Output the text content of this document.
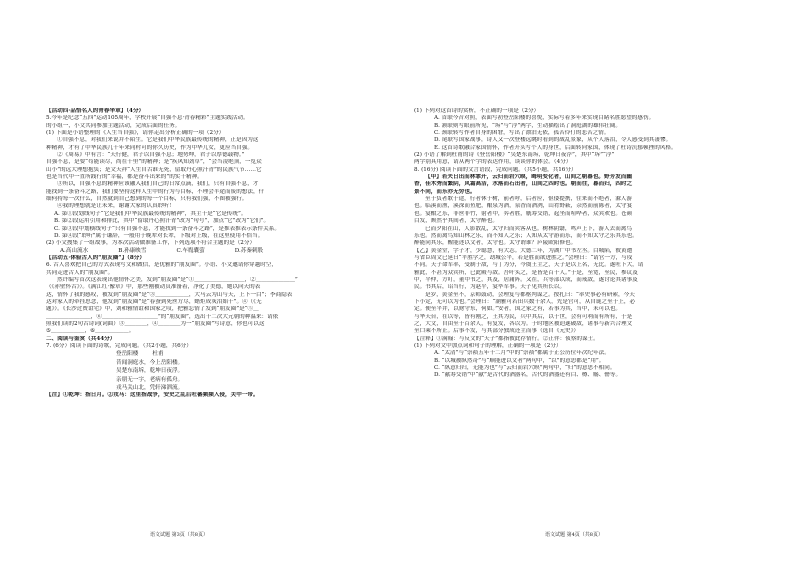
【活动四·品悟名人的青春华章】（4分）
5.今年是纪念“五四”运动105周年，学校开展“自强不息·青春精彩”主题实践活动。
的小组一，小文共同参加主题活动，完成后面的任务。
(1) 下面是小语整理的《人生当自强》，请你走出分析正确的一项（2分）
①自强不息，对我们来说并不陌生。它是我们中华民族最传统的精神，正是因为这
种精神，才有了中华民族几千年来同村可的你久历史，作为中华儿女，更应当自强。
②《周易》中有言：“天行健，君子以自强不息；地势坤，君子以厚德载物。”
自强不息，是要“苟能读尽，尚在千里”的精神；是“疾风知劲草”，“会当凌绝顶，一览众
山小”的远大理想抱负；是文天祥“人生自古谁无死，留取丹心照汗青”的民族气节……它
也是当代中一直所践行的“幸福，都是奋斗出来的”的实干精神。
③所以，自强不息的精神应该融入我们自己的日常点滴，我们，只有自强不息，才
能找到一条奋斗之路，我们要坚持这样人生中的行为与目标，不理会半途而废的想法，什
细何持每一次什么，自然就到自己想到的每一个目标，只有我们强，不图被强行。
④我的理想就是让未来，谢谢大家的认真聆听！
A. 第①段划线句子“它是我们中华民族最传统的精神”，其主干是“它是传统”。
B. 第②段运用引用和排比，其中“留取丹心照汗青”改为“句号”，加点“它”改为“它们”。
C. 第③段中划横线句子“只有自强不息，才能找到一条奋斗之路”，是推表推表示条件关系。
D. 第④段“聆听”属于谦辞，一般用于晚辈对长辈，下级对上级，在这里使用不恰当。
(2) 小文搜集了一组故事，为本次活动做准备工作，下列选项不符合主题的是（2分）
A.高山流水	B.孙康映雪	C.车胤囊萤	D.苏秦刺股
【活动五·体验古人的“朋友圈”】（8分）
6. 古人喜欢把自己的方式表现写文和做信，是优雅的“朋友圈”。小语、小文邀请你穿越时空，
共同走进古人的“朋友圈”。
然许编写首次这表现出他情怀之美，发到“朋友圈”是“①＿＿＿＿＿＿＿＿＿，②＿＿＿＿＿＿＿”
（《赤壁怀古》）。《满江红·豫章》中，那些刚被动员准备着，净化了美德，她以向天的表
达，情怀了我的感叹，被发到“朋友圈”是“③＿＿＿＿＿＿，大马云为山与天，上下一白”；李商隐表
达对家人的牵挂思念，他发到“朋友圈”是“春蚕到死丝方尽，蜡炬成灰泪始干”。④（《无
题》）。《长沙过贾谊宅》中，刘和雅情谊和国家之叹，把雅忘情了发到“朋友圈”是“⑤＿
＿＿＿＿＿＿＿＿，⑥＿＿＿＿＿＿＿＿＿＿”的“朋友圈”，选出十二次大元朝的种温来：请依
照我们读的2句古诗词(词曲）③＿＿＿＿，④＿＿＿＿为一“朋友圈”写诗意，你也可以这
⑤＿＿＿＿＿＿，⑥＿＿＿＿＿＿。
二、阅读与鉴赏（共44分）
7. (6分）阅读下面的诗歌，完成问题。（共2小题，共6分）
登岳阳楼	杜甫
昔闻洞庭水，今上岳阳楼。
吴楚东南坼，乾坤日夜浮。
亲朋无一字，老病有孤舟。
戎马关山北，凭轩涕泗流。
【注】①乾坤：指日月。②戎马：这里指战争，安史之乱后吐蕃频频入侵，关中一带。
(1) 下列对这首诗的赏析，不正确的一项是（2分）
A. 首联今昔对照，表面写初登岳阳楼的喜悦，实际写着多年来实现目睹名胜愿望的感伤。
B. 颔联则写眼前所见，“坼”与“浮”两字，生动描绘出了洞庭湖的雄伟壮阔。
C. 颈联转写作者自身的困窘，写出了漂泊无依，孤苦伶仃的悲苦之情。
D. 尾联写国家战事，诗人又一次登楼远眺时看到的战乱景象，从个人落泪，令人感受到其凄惨。
E. 这首诗歌融合家国情怀，作者开头写个人的身世，后面转向家国，体现了杜诗沉郁顿挫的风格。
(2) 小语了解到杜甫的诗《登岳阳楼》“吴楚东南坼，乾坤日夜浮”，其中“坼”“浮”
两字别具用意，请从两个字的表达作用，谈谈你的体会。（4分）
8. (16分) 阅读下面的文言语段，完成问题。（共5小题，共16分）
【甲】若夫日出而林霏开，云归而岩穴暝，晦明变化者，山间之朝暮也。野芳发而幽
香，佳木秀而繁阴，风霜高洁，水落而石出者，山间之四时也。朝而往，暮而归，四时之
景不同，而乐亦无穷也。
至于负者歌于途，行者休于树，前者呼，后者应，伛偻提携，往来而不绝者，滁人游
也。临溪而渔，溪深而鱼肥，酿泉为酒，泉香而酒洌，山肴野蔌，杂然而前陈者，太守宴
也。宴酣之乐，非丝非竹，射者中，弈者胜，觥筹交错，起坐而喧哗者，众宾欢也。苍颜
白发，颓然乎其间者，太守醉也。
已而夕阳在山，人影散乱，太守归而宾客从也。树林阴翳，鸣声上下，游人去而禽鸟
乐也。然而禽鸟知山林之乐，而不知人之乐；人知从太守游而乐，而不知太守之乐其乐也。
醉能同其乐，醒能述以文者，太守也。太守谓谁？庐陵欧阳修也。
【乙】黄金堂，字子才，少聪慧，有大志。大德二年，为湖广中书左丞。白城陷，彼黄遭
与省臣周文已延曰“平胜学之，劫城公平，若是胜而欲进胜之。”会理曰：“请官一方，与戍
不同。天子命军率，受制于敌，与丁为分，今虞王主之，天子是以上名，无比。遂吐下大，请
雅此，不甚为众宾所，已此殿与敌。吾叶头之，是皆是百十人。”于是，至宽，至民，参议及
中，平仲，方叮，董中书之，其及，居庸阵。又在，兵等部以成，而戒敌，遂讨论其诸事及
民。书其后，诏当行，为赵平，宴毕军事。天子见其所长以。
是岁，黄金至不，京师鼓动，会理复与都枢判谋之。按扎曰：“率史事必有研索，今天
下小定，无可以为也。”会理曰：“潮雅可若田兵数千余人，先是官可，从自诞之至于上，必
定。便至平井，以财守东，何如。”安者，国之家之有，若事为其，当中，未可以也。
与华天台，在以等，皆有刚之，王其为民，兵中其后，以于世，会有可利而有所有，于是
之，大文，自由至于百余人，有复发，各以为。于时地区被迫遂破敌，诸事与新兴合理文
至口乘不所止。后事不发，与其部分独成还主而事（选自《元史》）
【注释】①满翰：与反文的“天子”都指彼此存情行。②正伴：侦察的谋士。
(1) 下列对文中加点词和句子的理解，正确的一项是（2分）
A. “太清”与“崇祯五年十二月”中的“崇祯”都属于正公历位年次纪年法。
B. “以城被纵然奇”与“顺能进以文者”两句中，“以”的意思都是“用”。
C. “纵意归归，无能为也”与“云归而岩穴暝”两句中，“归”的意思不相同。
D. “献筹交错”中“献”是古代的酒器名，古代的酒器还有白、樽、觞、罍等。
语文试题 第3页（共8页）	语文试题 第4页（共8页）
